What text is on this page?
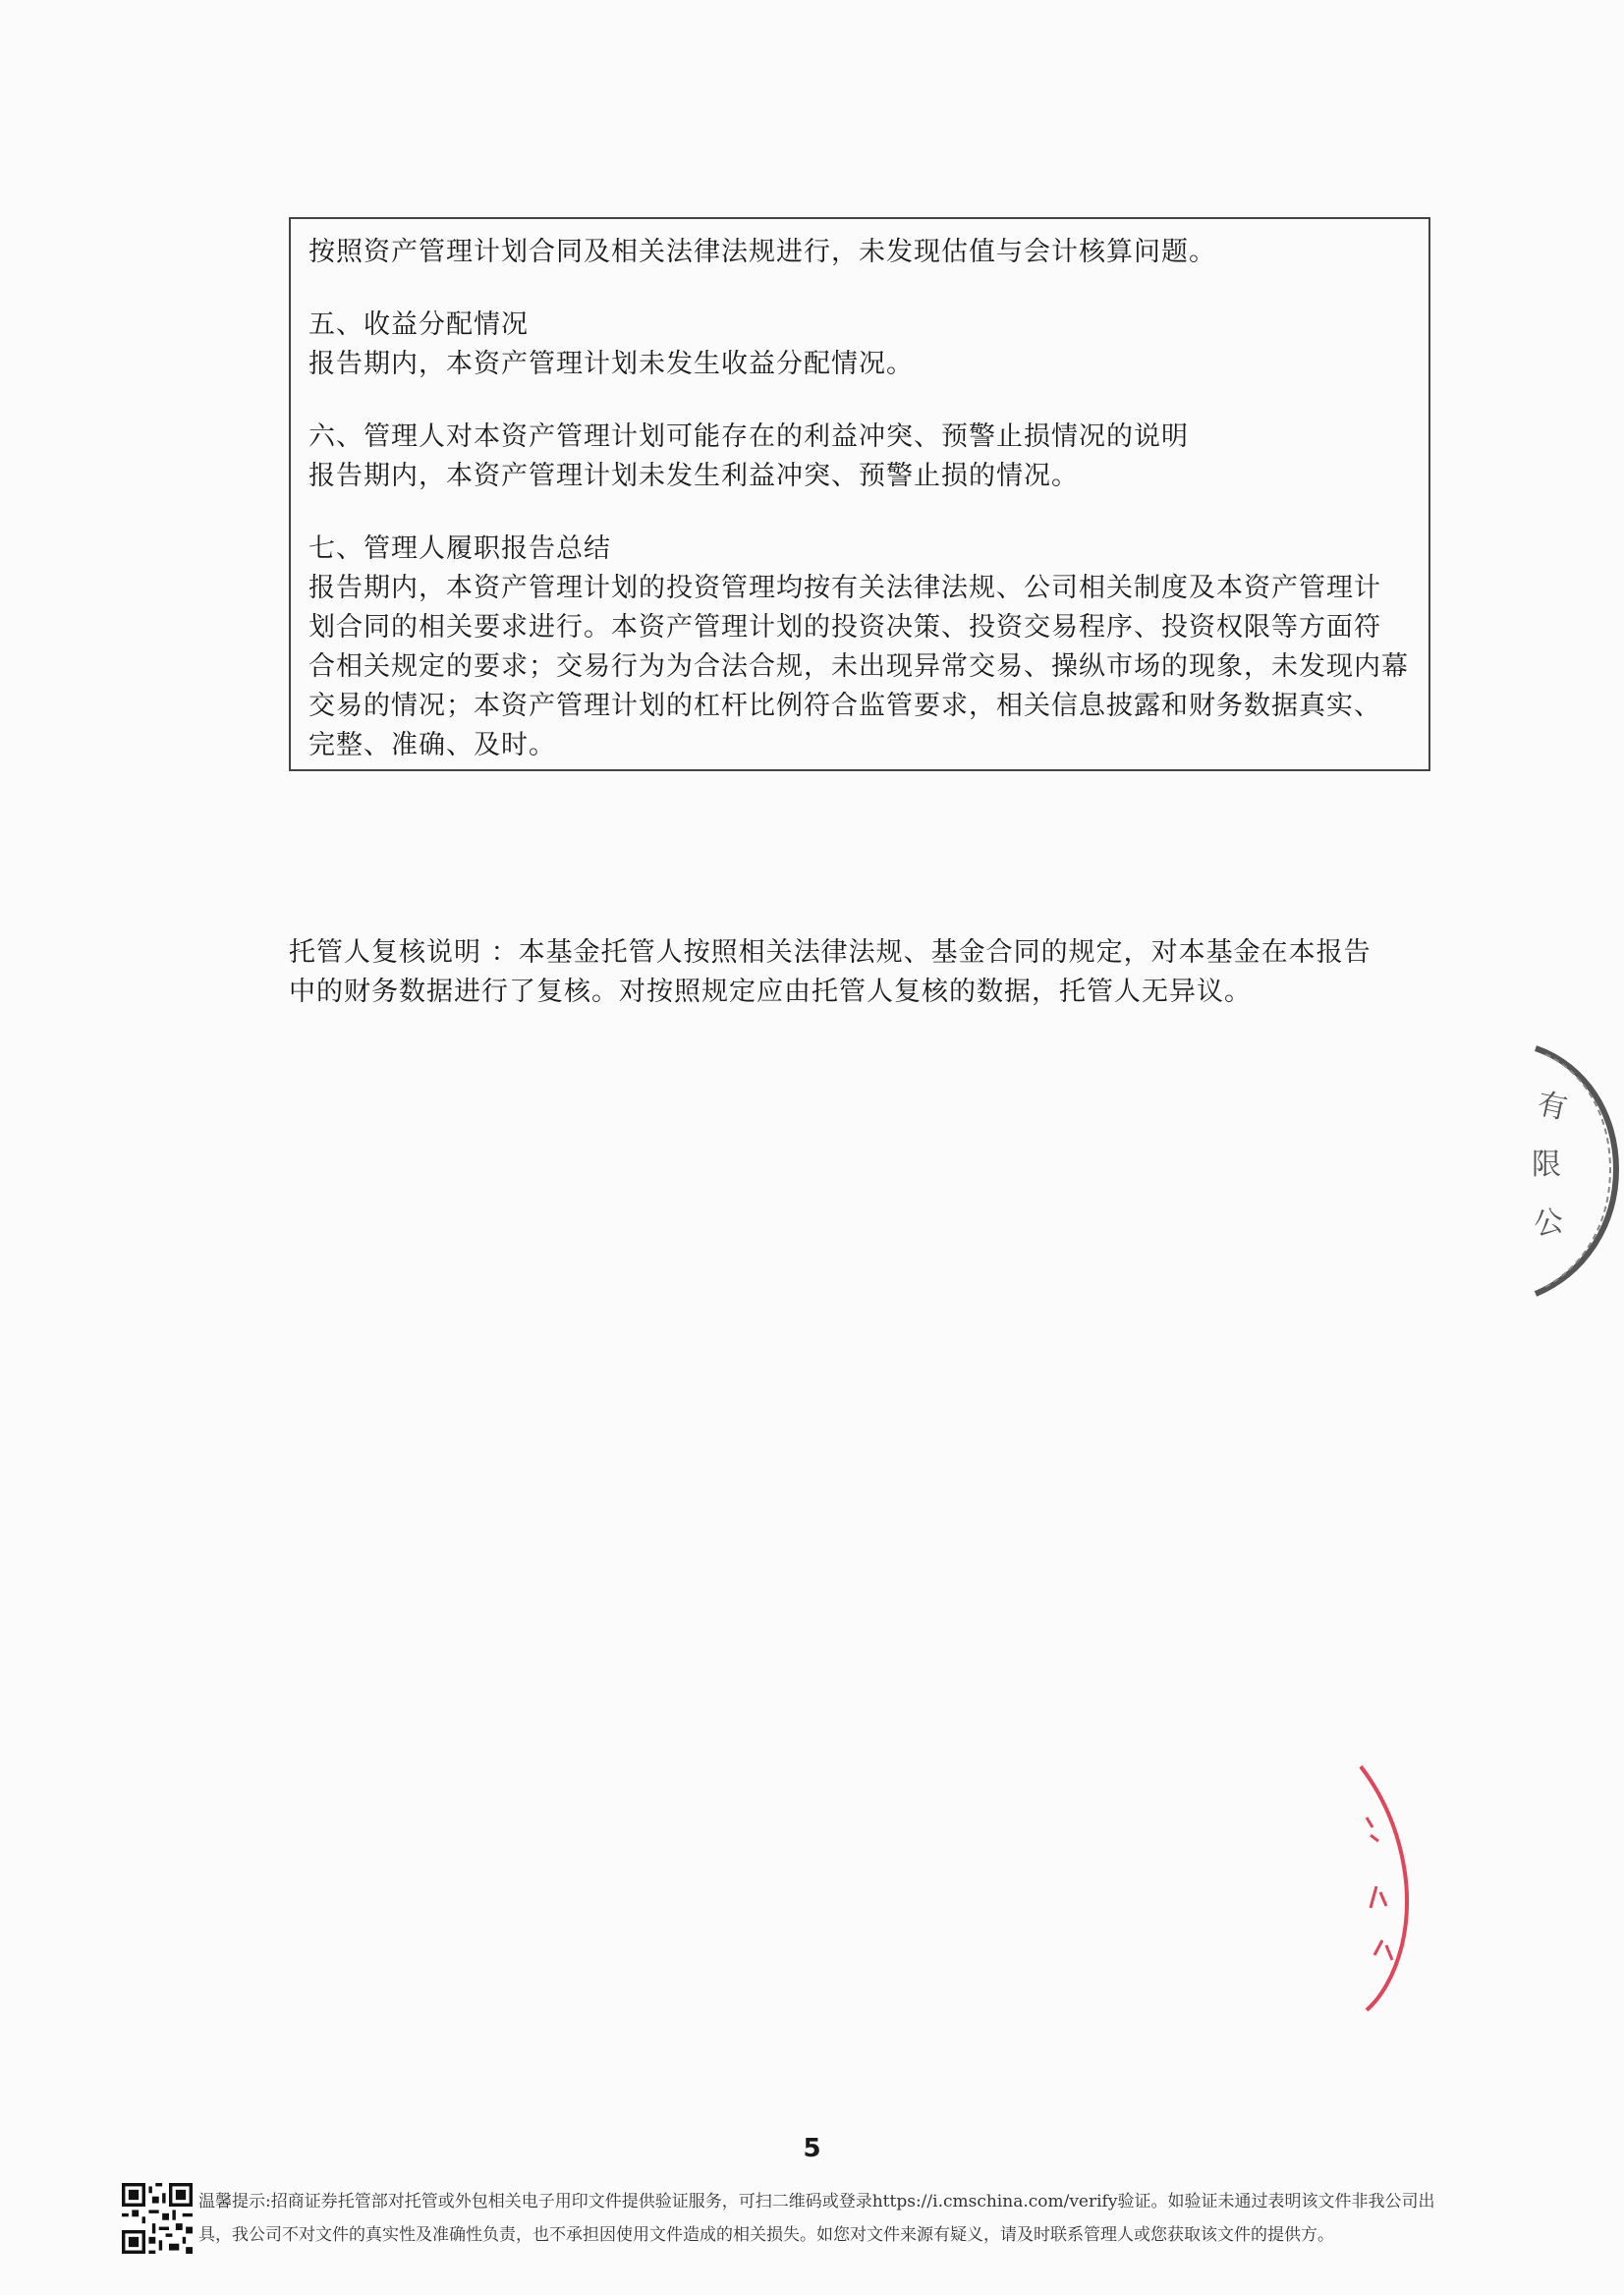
按照资产管理计划合同及相关法律法规进行，未发现估值与会计核算问题。

五、收益分配情况

报告期内，本资产管理计划未发生收益分配情况。

六、管理人对本资产管理计划可能存在的利益冲突、预警止损情况的说明

报告期内，本资产管理计划未发生利益冲突、预警止损的情况。

七、管理人履职报告总结

报告期内，本资产管理计划的投资管理均按有关法律法规、公司相关制度及本资产管理计

划合同的相关要求进行。本资产管理计划的投资决策、投资交易程序、投资权限等方面符

合相关规定的要求；交易行为为合法合规，未出现异常交易、操纵市场的现象，未发现内幕

交易的情况；本资产管理计划的杠杆比例符合监管要求，相关信息披露和财务数据真实、

完整、准确、及时。

托管人复核说明 ：本基金托管人按照相关法律法规、基金合同的规定，对本基金在本报告

中的财务数据进行了复核。对按照规定应由托管人复核的数据，托管人无异议。

有
限
公
5

温馨提示:招商证券托管部对托管或外包相关电子用印文件提供验证服务，可扫二维码或登录https://i.cmschina.com/verify验证。如验证未通过表明该文件非我公司出

具，我公司不对文件的真实性及准确性负责，也不承担因使用文件造成的相关损失。如您对文件来源有疑义，请及时联系管理人或您获取该文件的提供方。
